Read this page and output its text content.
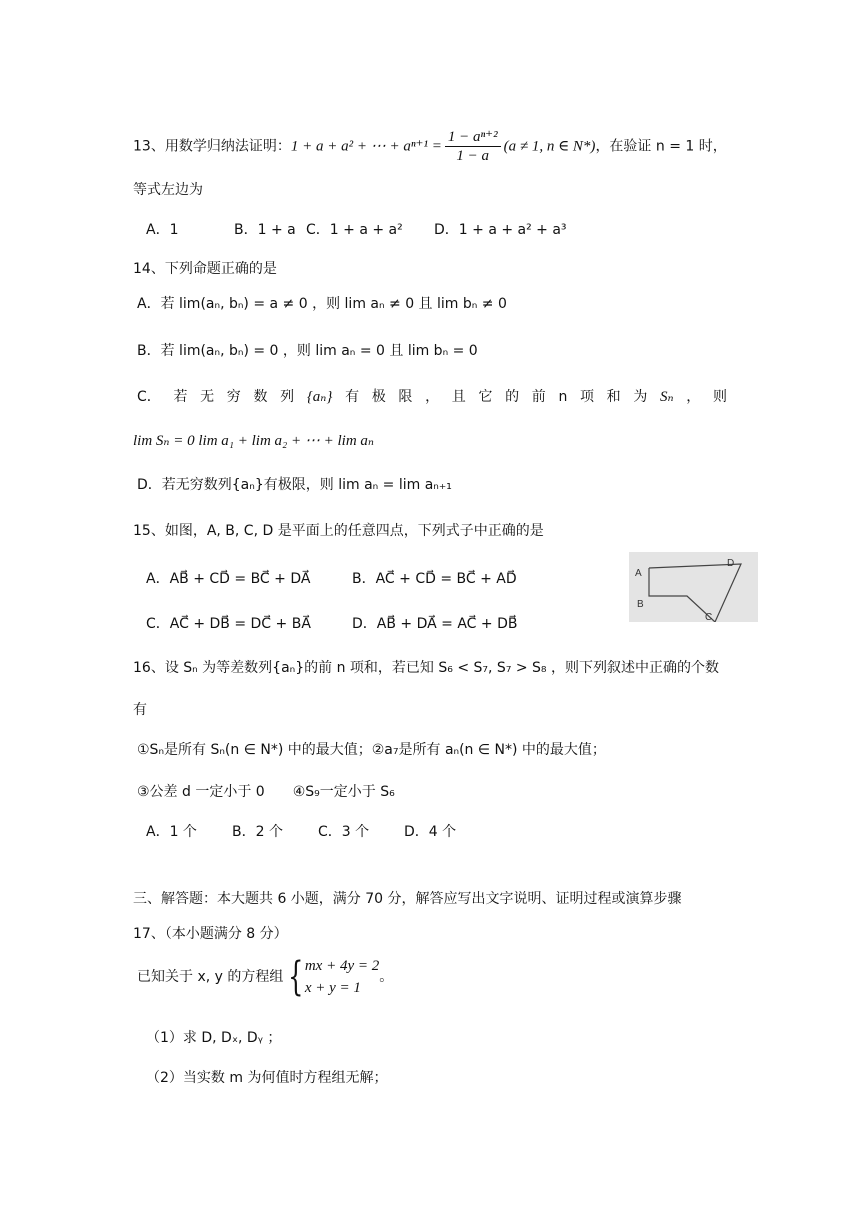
13、用数学归纳法证明：1 + a + a² + ⋯ + $a^{n+1} = \frac{\text{1 − aⁿ⁺²}}{1 - a} (a \ne 1$, n ∈ N*)，在验证 n = 1 时，
等式左边为
A．1	B．1 + a C．1 + a + a² D．1 + a + a² + a³
14、下列命题正确的是
A．若 lim(aₙ, bₙ) = a ≠ 0 ，则 lim aₙ ≠ 0 且 lim bₙ ≠ 0
B．若 lim(aₙ, bₙ) = 0 ，则 lim aₙ = 0 且 lim bₙ = 0
C． 若 无 穷 数 列 {aₙ} 有 极 限 ， 且 它 的 前 n 项 和 为 Sₙ ， 则
lim Sₙ = 0 lim a₁ + lim a₂ + ⋯ + lim aₙ
D．若无穷数列{aₙ}有极限，则 lim aₙ = lim aₙ₊₁
15、如图，A, B, C, D 是平面上的任意四点，下列式子中正确的是
A．AB⃗ + CD⃗ = BC⃗ + DA⃗	B．AC⃗ + CD⃗ = BC⃗ + AD⃗
C．AC⃗ + DB⃗ = DC⃗ + BA⃗	D．AB⃗ + DA⃗ = AC⃗ + DB⃗
A
B
C
D
16、设 Sₙ 为等差数列{aₙ}的前 n 项和，若已知 S₆ < S₇, S₇ > S₈ ，则下列叙述中正确的个数
有
①Sₙ是所有 Sₙ(n ∈ N*) 中的最大值；②a₇是所有 aₙ(n ∈ N*) 中的最大值；
③公差 d 一定小于 0　　④S₉一定小于 S₆
A．1 个	B．2 个	C．3 个 D．4 个
三、解答题：本大题共 6 小题，满分 70 分，解答应写出文字说明、证明过程或演算步骤
17、（本小题满分 8 分）
已知关于 x, y 的方程组 { mx + 4y = 2
x + y = 1
。
（1）求 D, Dₓ, Dᵧ ；
（2）当实数 m 为何值时方程组无解；
